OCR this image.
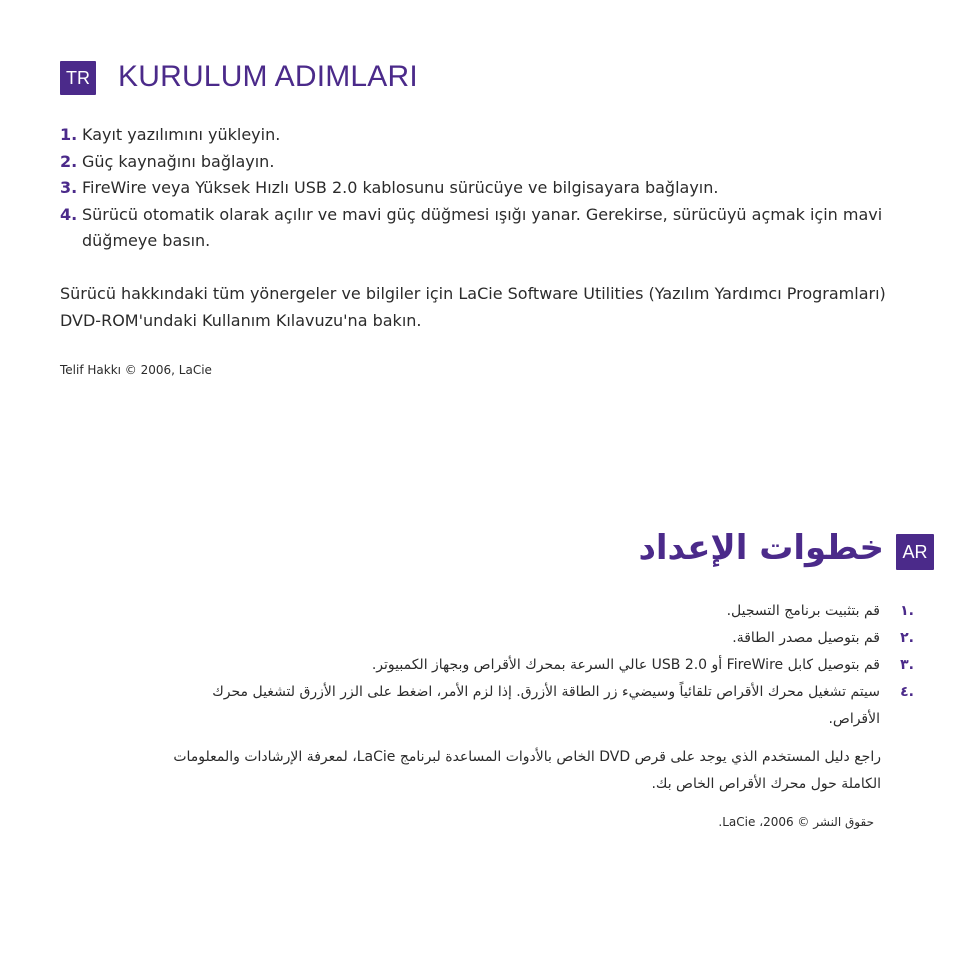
TR KURULUM ADIMLARI
1. Kayıt yazılımını yükleyin.
2. Güç kaynağını bağlayın.
3. FireWire veya Yüksek Hızlı USB 2.0 kablosunu sürücüye ve bilgisayara bağlayın.
4. Sürücü otomatik olarak açılır ve mavi güç düğmesi ışığı yanar. Gerekirse, sürücüyü açmak için mavi düğmeye basın.

Sürücü hakkındaki tüm yönergeler ve bilgiler için LaCie Software Utilities (Yazılım Yardımcı Programları) DVD-ROM'undaki Kullanım Kılavuzu'na bakın.

Telif Hakkı © 2006, LaCie

AR
خطوات الإعداد
.١
قم بتثبيت برنامج التسجيل.
.٢
قم بتوصيل مصدر الطاقة.
.٣
قم بتوصيل كابل FireWire أو USB 2.0 عالي السرعة بمحرك الأقراص وبجهاز الكمبيوتر.
.٤
سيتم تشغيل محرك الأقراص تلقائياً وسيضيء زر الطاقة الأزرق. إذا لزم الأمر، اضغط على الزر الأزرق لتشغيل محرك الأقراص.

راجع دليل المستخدم الذي يوجد على قرص DVD الخاص بالأدوات المساعدة لبرنامج LaCie، لمعرفة الإرشادات والمعلومات الكاملة حول محرك الأقراص الخاص بك.

حقوق النشر © 2006، LaCie.
